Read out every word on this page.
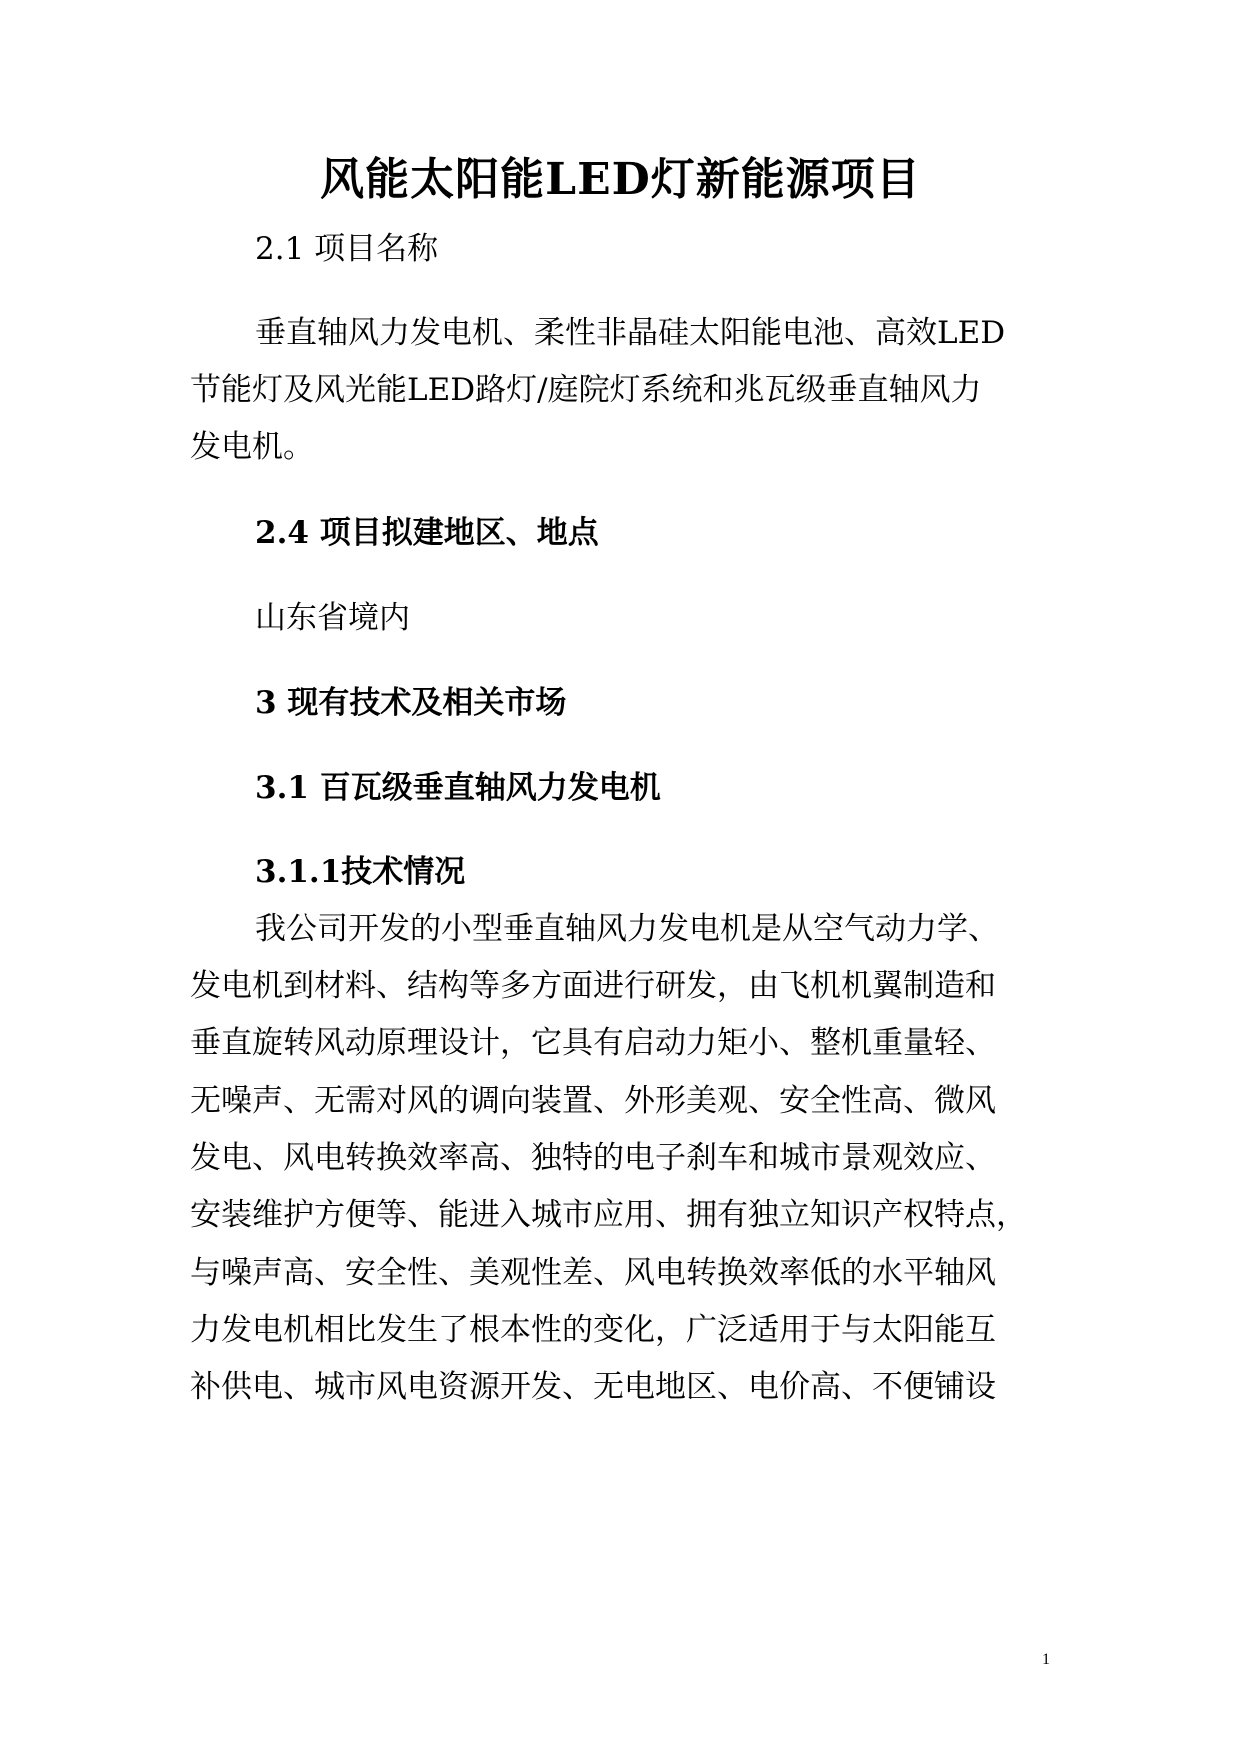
风能太阳能LED灯新能源项目
2.1 项目名称
垂直轴风力发电机、柔性非晶硅太阳能电池、高效LED
节能灯及风光能LED路灯/庭院灯系统和兆瓦级垂直轴风力
发电机。
2.4 项目拟建地区、地点
山东省境内
3 现有技术及相关市场
3.1 百瓦级垂直轴风力发电机
3.1.1技术情况
我公司开发的小型垂直轴风力发电机是从空气动力学、
发电机到材料、结构等多方面进行研发，由飞机机翼制造和
垂直旋转风动原理设计，它具有启动力矩小、整机重量轻、
无噪声、无需对风的调向装置、外形美观、安全性高、微风
发电、风电转换效率高、独特的电子刹车和城市景观效应、
安装维护方便等、能进入城市应用、拥有独立知识产权特点，
与噪声高、安全性、美观性差、风电转换效率低的水平轴风
力发电机相比发生了根本性的变化，广泛适用于与太阳能互
补供电、城市风电资源开发、无电地区、电价高、不便铺设
1
